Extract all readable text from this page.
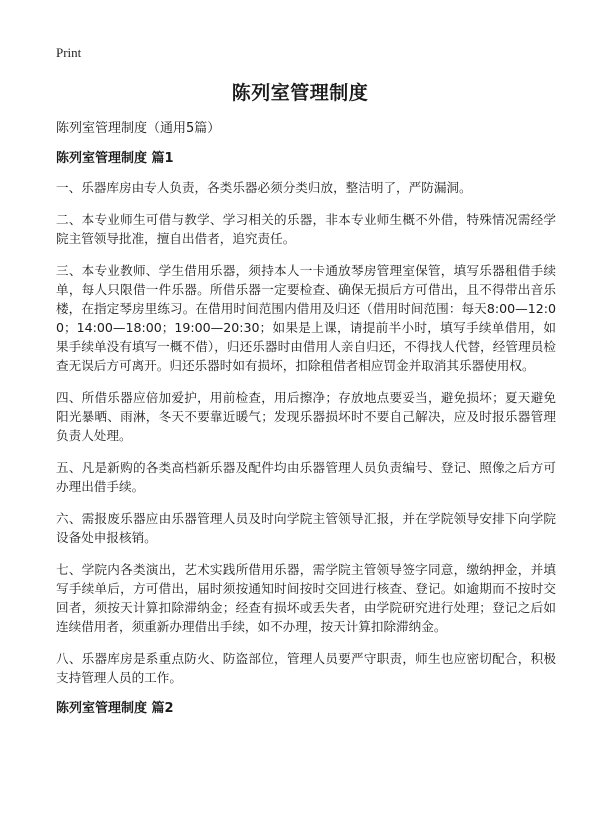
Print
陈列室管理制度

陈列室管理制度（通用5篇）

陈列室管理制度 篇1

一、乐器库房由专人负责，各类乐器必须分类归放，整洁明了，严防漏洞。

二、本专业师生可借与教学、学习相关的乐器，非本专业师生概不外借，特殊情况需经学院主管领导批准，擅自出借者，追究责任。

三、本专业教师、学生借用乐器，须持本人一卡通放琴房管理室保管，填写乐器租借手续单，每人只限借一件乐器。所借乐器一定要检查、确保无损后方可借出，且不得带出音乐楼，在指定琴房里练习。在借用时间范围内借用及归还（借用时间范围：每天8:00—12:00；14:00—18:00；19:00—20:30；如果是上课，请提前半小时，填写手续单借用，如果手续单没有填写一概不借），归还乐器时由借用人亲自归还，不得找人代替，经管理员检查无误后方可离开。归还乐器时如有损坏，扣除租借者相应罚金并取消其乐器使用权。

四、所借乐器应倍加爱护，用前检查，用后擦净；存放地点要妥当，避免损坏；夏天避免阳光暴晒、雨淋，冬天不要靠近暖气；发现乐器损坏时不要自己解决，应及时报乐器管理负责人处理。

五、凡是新购的各类高档新乐器及配件均由乐器管理人员负责编号、登记、照像之后方可办理出借手续。

六、需报废乐器应由乐器管理人员及时向学院主管领导汇报，并在学院领导安排下向学院设备处申报核销。

七、学院内各类演出，艺术实践所借用乐器，需学院主管领导签字同意，缴纳押金，并填写手续单后，方可借出，届时须按通知时间按时交回进行核查、登记。如逾期而不按时交回者，须按天计算扣除滞纳金；经查有损坏或丢失者，由学院研究进行处理；登记之后如连续借用者，须重新办理借出手续，如不办理，按天计算扣除滞纳金。

八、乐器库房是系重点防火、防盗部位，管理人员要严守职责，师生也应密切配合，积极支持管理人员的工作。

陈列室管理制度 篇2
